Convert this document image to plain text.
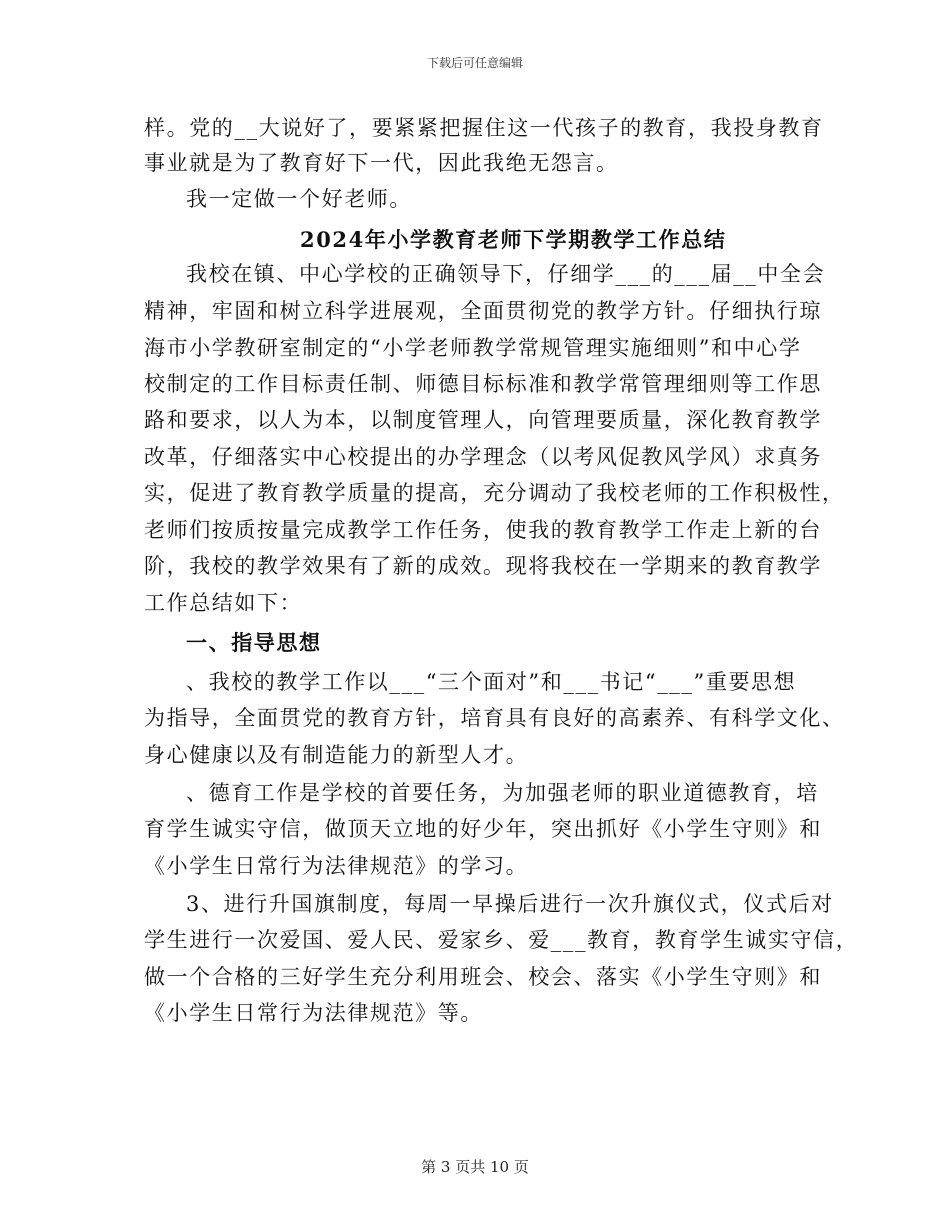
下载后可任意编辑
样。党的__大说好了，要紧紧把握住这一代孩子的教育，我投身教育
事业就是为了教育好下一代，因此我绝无怨言。
我一定做一个好老师。
2024年小学教育老师下学期教学工作总结
我校在镇、中心学校的正确领导下，仔细学___的___届__中全会
精神，牢固和树立科学进展观，全面贯彻党的教学方针。仔细执行琼
海市小学教研室制定的“小学老师教学常规管理实施细则”和中心学
校制定的工作目标责任制、师德目标标准和教学常管理细则等工作思
路和要求，以人为本，以制度管理人，向管理要质量，深化教育教学
改革，仔细落实中心校提出的办学理念（以考风促教风学风）求真务
实，促进了教育教学质量的提高，充分调动了我校老师的工作积极性，
老师们按质按量完成教学工作任务，使我的教育教学工作走上新的台
阶，我校的教学效果有了新的成效。现将我校在一学期来的教育教学
工作总结如下：
一、指导思想
、我校的教学工作以___“三个面对”和___书记“___”重要思想
为指导，全面贯党的教育方针，培育具有良好的高素养、有科学文化、
身心健康以及有制造能力的新型人才。
、德育工作是学校的首要任务，为加强老师的职业道德教育，培
育学生诚实守信，做顶天立地的好少年，突出抓好《小学生守则》和
《小学生日常行为法律规范》的学习。
3、进行升国旗制度，每周一早操后进行一次升旗仪式，仪式后对
学生进行一次爱国、爱人民、爱家乡、爱___教育，教育学生诚实守信，
做一个合格的三好学生充分利用班会、校会、落实《小学生守则》和
《小学生日常行为法律规范》等。
第 3 页共 10 页
